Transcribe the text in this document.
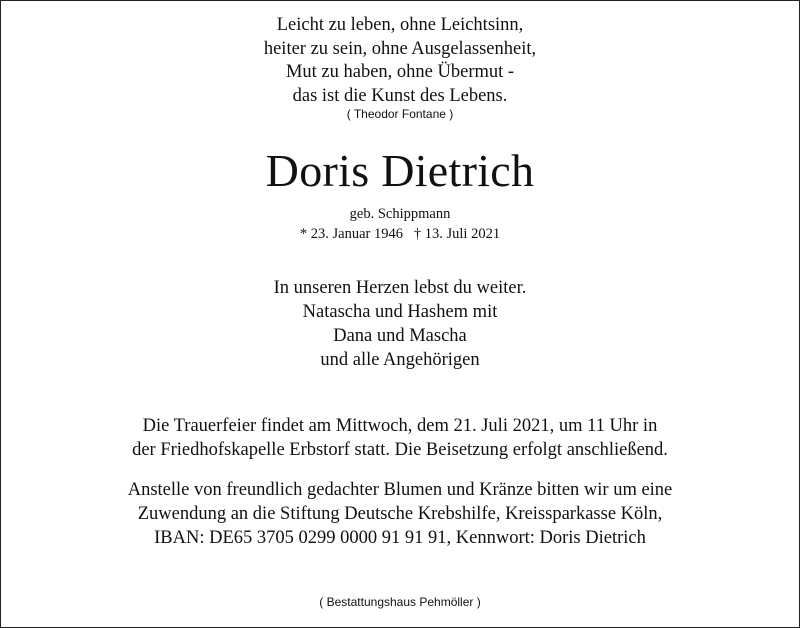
Leicht zu leben, ohne Leichtsinn,
heiter zu sein, ohne Ausgelassenheit,
Mut zu haben, ohne Übermut -
das ist die Kunst des Lebens.
( Theodor Fontane )
Doris Dietrich
geb. Schippmann
* 23. Januar 1946 † 13. Juli 2021
In unseren Herzen lebst du weiter.
Natascha und Hashem mit
Dana und Mascha
und alle Angehörigen
Die Trauerfeier findet am Mittwoch, dem 21. Juli 2021, um 11 Uhr in
der Friedhofskapelle Erbstorf statt. Die Beisetzung erfolgt anschließend.
Anstelle von freundlich gedachter Blumen und Kränze bitten wir um eine
Zuwendung an die Stiftung Deutsche Krebshilfe, Kreissparkasse Köln,
IBAN: DE65 3705 0299 0000 91 91 91, Kennwort: Doris Dietrich
( Bestattungshaus Pehmöller )
